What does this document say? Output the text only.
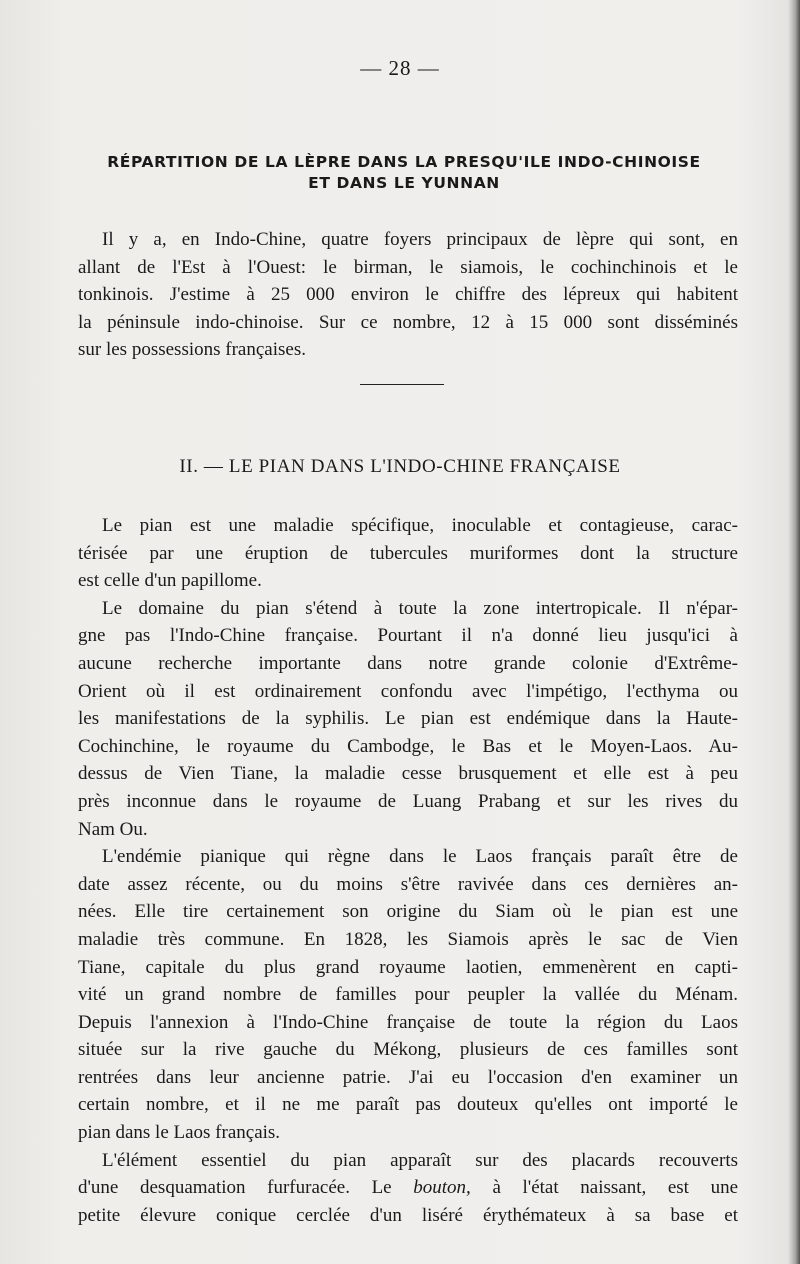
— 28 —
RÉPARTITION DE LA LÈPRE DANS LA PRESQU'ILE INDO-CHINOISE
ET DANS LE YUNNAN
Il y a, en Indo-Chine, quatre foyers principaux de lèpre qui sont, en
allant de l'Est à l'Ouest: le birman, le siamois, le cochinchinois et le
tonkinois. J'estime à 25 000 environ le chiffre des lépreux qui habitent
la péninsule indo-chinoise. Sur ce nombre, 12 à 15 000 sont disséminés
sur les possessions françaises.
II. — LE PIAN DANS L'INDO-CHINE FRANÇAISE
Le pian est une maladie spécifique, inoculable et contagieuse, carac-
térisée par une éruption de tubercules muriformes dont la structure
est celle d'un papillome.
Le domaine du pian s'étend à toute la zone intertropicale. Il n'épar-
gne pas l'Indo-Chine française. Pourtant il n'a donné lieu jusqu'ici à
aucune recherche importante dans notre grande colonie d'Extrême-
Orient où il est ordinairement confondu avec l'impétigo, l'ecthyma ou
les manifestations de la syphilis. Le pian est endémique dans la Haute-
Cochinchine, le royaume du Cambodge, le Bas et le Moyen-Laos. Au-
dessus de Vien Tiane, la maladie cesse brusquement et elle est à peu
près inconnue dans le royaume de Luang Prabang et sur les rives du
Nam Ou.
L'endémie pianique qui règne dans le Laos français paraît être de
date assez récente, ou du moins s'être ravivée dans ces dernières an-
nées. Elle tire certainement son origine du Siam où le pian est une
maladie très commune. En 1828, les Siamois après le sac de Vien
Tiane, capitale du plus grand royaume laotien, emmenèrent en capti-
vité un grand nombre de familles pour peupler la vallée du Ménam.
Depuis l'annexion à l'Indo-Chine française de toute la région du Laos
située sur la rive gauche du Mékong, plusieurs de ces familles sont
rentrées dans leur ancienne patrie. J'ai eu l'occasion d'en examiner un
certain nombre, et il ne me paraît pas douteux qu'elles ont importé le
pian dans le Laos français.
L'élément essentiel du pian apparaît sur des placards recouverts
d'une desquamation furfuracée. Le bouton, à l'état naissant, est une
petite élevure conique cerclée d'un liséré érythémateux à sa base et
